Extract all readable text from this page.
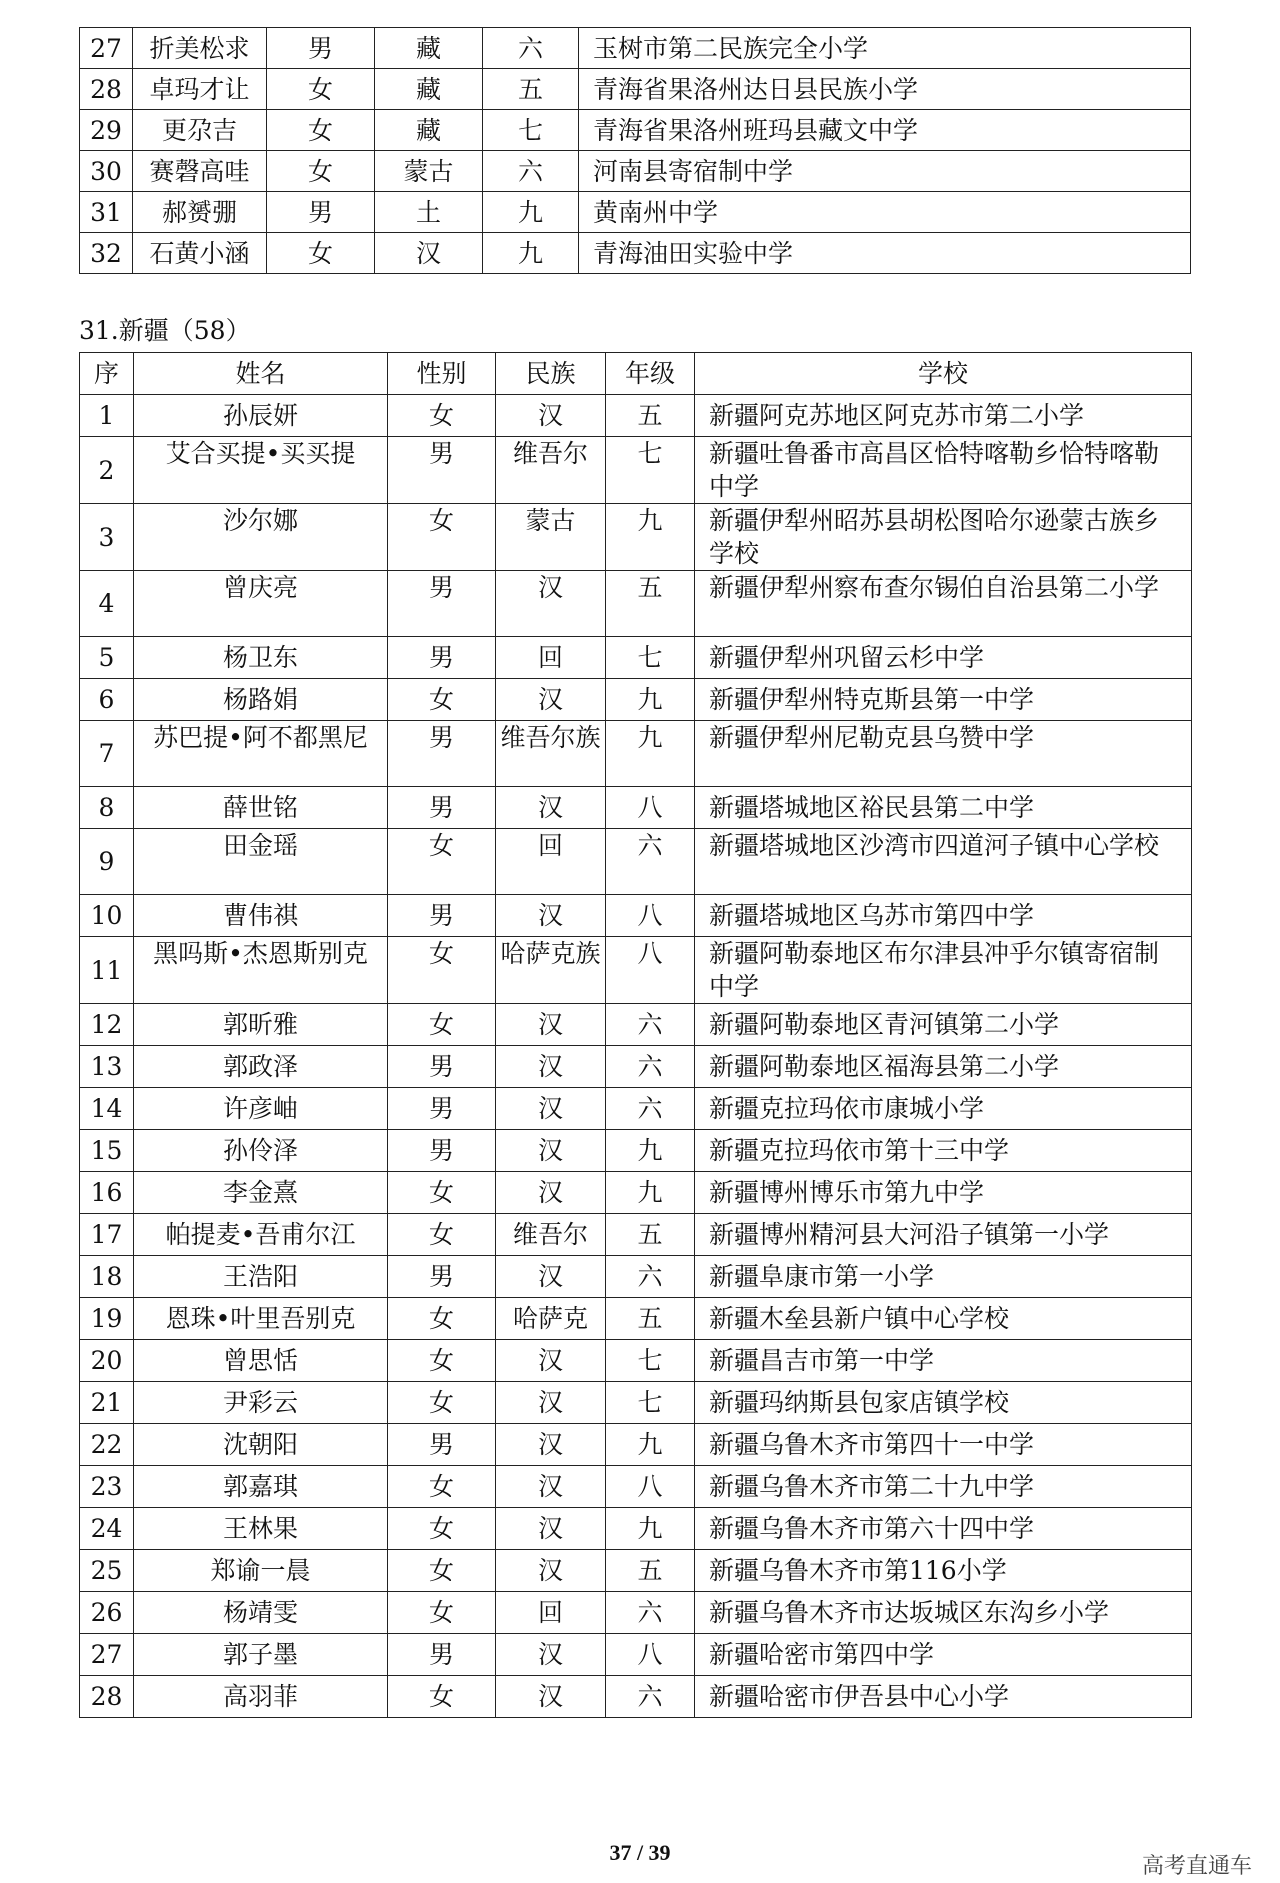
27	折美松求	男	藏	六	玉树市第二民族完全小学
28	卓玛才让	女	藏	五	青海省果洛州达日县民族小学
29	更尕吉	女	藏	七	青海省果洛州班玛县藏文中学
30	赛磬高哇	女	蒙古	六	河南县寄宿制中学
31	郝赟弸	男	土	九	黄南州中学
32	石黄小涵	女	汉	九	青海油田实验中学
31.新疆（58）
序	姓名	性别	民族	年级	学校
1	孙辰妍	女	汉	五	新疆阿克苏地区阿克苏市第二小学
2	艾合买提•买买提	男	维吾尔	七	新疆吐鲁番市高昌区恰特喀勒乡恰特喀勒中学
3	沙尔娜	女	蒙古	九	新疆伊犁州昭苏县胡松图哈尔逊蒙古族乡学校
4	曾庆亮	男	汉	五	新疆伊犁州察布查尔锡伯自治县第二小学
5	杨卫东	男	回	七	新疆伊犁州巩留云杉中学
6	杨路娟	女	汉	九	新疆伊犁州特克斯县第一中学
7	苏巴提•阿不都黑尼	男	维吾尔族	九	新疆伊犁州尼勒克县乌赞中学
8	薛世铭	男	汉	八	新疆塔城地区裕民县第二中学
9	田金瑶	女	回	六	新疆塔城地区沙湾市四道河子镇中心学校
10	曹伟祺	男	汉	八	新疆塔城地区乌苏市第四中学
11	黑吗斯•杰恩斯别克	女	哈萨克族	八	新疆阿勒泰地区布尔津县冲乎尔镇寄宿制中学
12	郭昕雅	女	汉	六	新疆阿勒泰地区青河镇第二小学
13	郭政泽	男	汉	六	新疆阿勒泰地区福海县第二小学
14	许彦岫	男	汉	六	新疆克拉玛依市康城小学
15	孙伶泽	男	汉	九	新疆克拉玛依市第十三中学
16	李金熹	女	汉	九	新疆博州博乐市第九中学
17	帕提麦•吾甫尔江	女	维吾尔	五	新疆博州精河县大河沿子镇第一小学
18	王浩阳	男	汉	六	新疆阜康市第一小学
19	恩珠•叶里吾别克	女	哈萨克	五	新疆木垒县新户镇中心学校
20	曾思恬	女	汉	七	新疆昌吉市第一中学
21	尹彩云	女	汉	七	新疆玛纳斯县包家店镇学校
22	沈朝阳	男	汉	九	新疆乌鲁木齐市第四十一中学
23	郭嘉琪	女	汉	八	新疆乌鲁木齐市第二十九中学
24	王林果	女	汉	九	新疆乌鲁木齐市第六十四中学
25	郑谕一晨	女	汉	五	新疆乌鲁木齐市第116小学
26	杨靖雯	女	回	六	新疆乌鲁木齐市达坂城区东沟乡小学
27	郭子墨	男	汉	八	新疆哈密市第四中学
28	高羽菲	女	汉	六	新疆哈密市伊吾县中心小学
37 / 39
高考直通车
